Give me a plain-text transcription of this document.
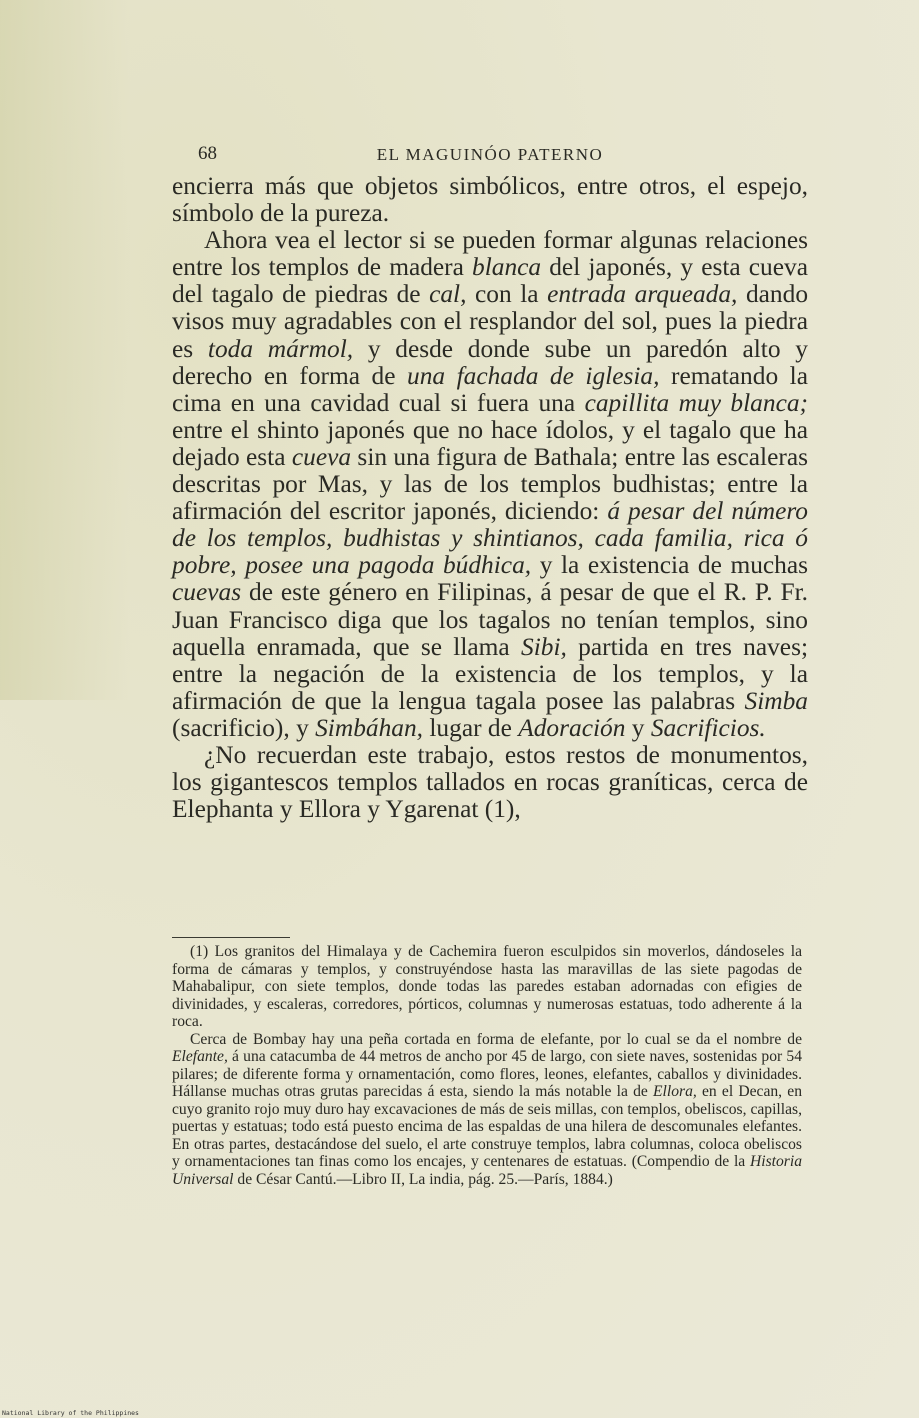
68	EL MAGUINÓO PATERNO

encierra más que objetos simbólicos, entre otros, el espejo, símbolo de la pureza.

Ahora vea el lector si se pueden formar algunas relaciones entre los templos de madera blanca del japonés, y esta cueva del tagalo de piedras de cal, con la entrada arqueada, dando visos muy agradables con el resplandor del sol, pues la piedra es toda mármol, y desde donde sube un paredón alto y derecho en forma de una fachada de iglesia, rematando la cima en una cavidad cual si fuera una capillita muy blanca; entre el shinto japonés que no hace ídolos, y el tagalo que ha dejado esta cueva sin una figura de Bathala; entre las escaleras descritas por Mas, y las de los templos budhistas; entre la afirmación del escritor japonés, diciendo: á pesar del número de los templos, budhistas y shintianos, cada familia, rica ó pobre, posee una pagoda búdhica, y la existencia de muchas cuevas de este género en Filipinas, á pesar de que el R. P. Fr. Juan Francisco diga que los tagalos no tenían templos, sino aquella enramada, que se llama Sibi, partida en tres naves; entre la negación de la existencia de los templos, y la afirmación de que la lengua tagala posee las palabras Simba (sacrificio), y Simbáhan, lugar de Adoración y Sacrificios.

¿No recuerdan este trabajo, estos restos de monumentos, los gigantescos templos tallados en rocas graníticas, cerca de Elephanta y Ellora y Ygarenat (1),

(1) Los granitos del Himalaya y de Cachemira fueron esculpidos sin moverlos, dándoseles la forma de cámaras y templos, y construyéndose hasta las maravillas de las siete pagodas de Mahabalipur, con siete templos, donde todas las paredes estaban adornadas con efigies de divinidades, y escaleras, corredores, pórticos, columnas y numerosas estatuas, todo adherente á la roca.

Cerca de Bombay hay una peña cortada en forma de elefante, por lo cual se da el nombre de Elefante, á una catacumba de 44 metros de ancho por 45 de largo, con siete naves, sostenidas por 54 pilares; de diferente forma y ornamentación, como flores, leones, elefantes, caballos y divinidades. Hállanse muchas otras grutas parecidas á esta, siendo la más notable la de Ellora, en el Decan, en cuyo granito rojo muy duro hay excavaciones de más de seis millas, con templos, obeliscos, capillas, puertas y estatuas; todo está puesto encima de las espaldas de una hilera de descomunales elefantes. En otras partes, destacándose del suelo, el arte construye templos, labra columnas, coloca obeliscos y ornamentaciones tan finas como los encajes, y centenares de estatuas. (Compendio de la Historia Universal de César Cantú.—Libro II, La india, pág. 25.—París, 1884.)

National Library of the Philippines
